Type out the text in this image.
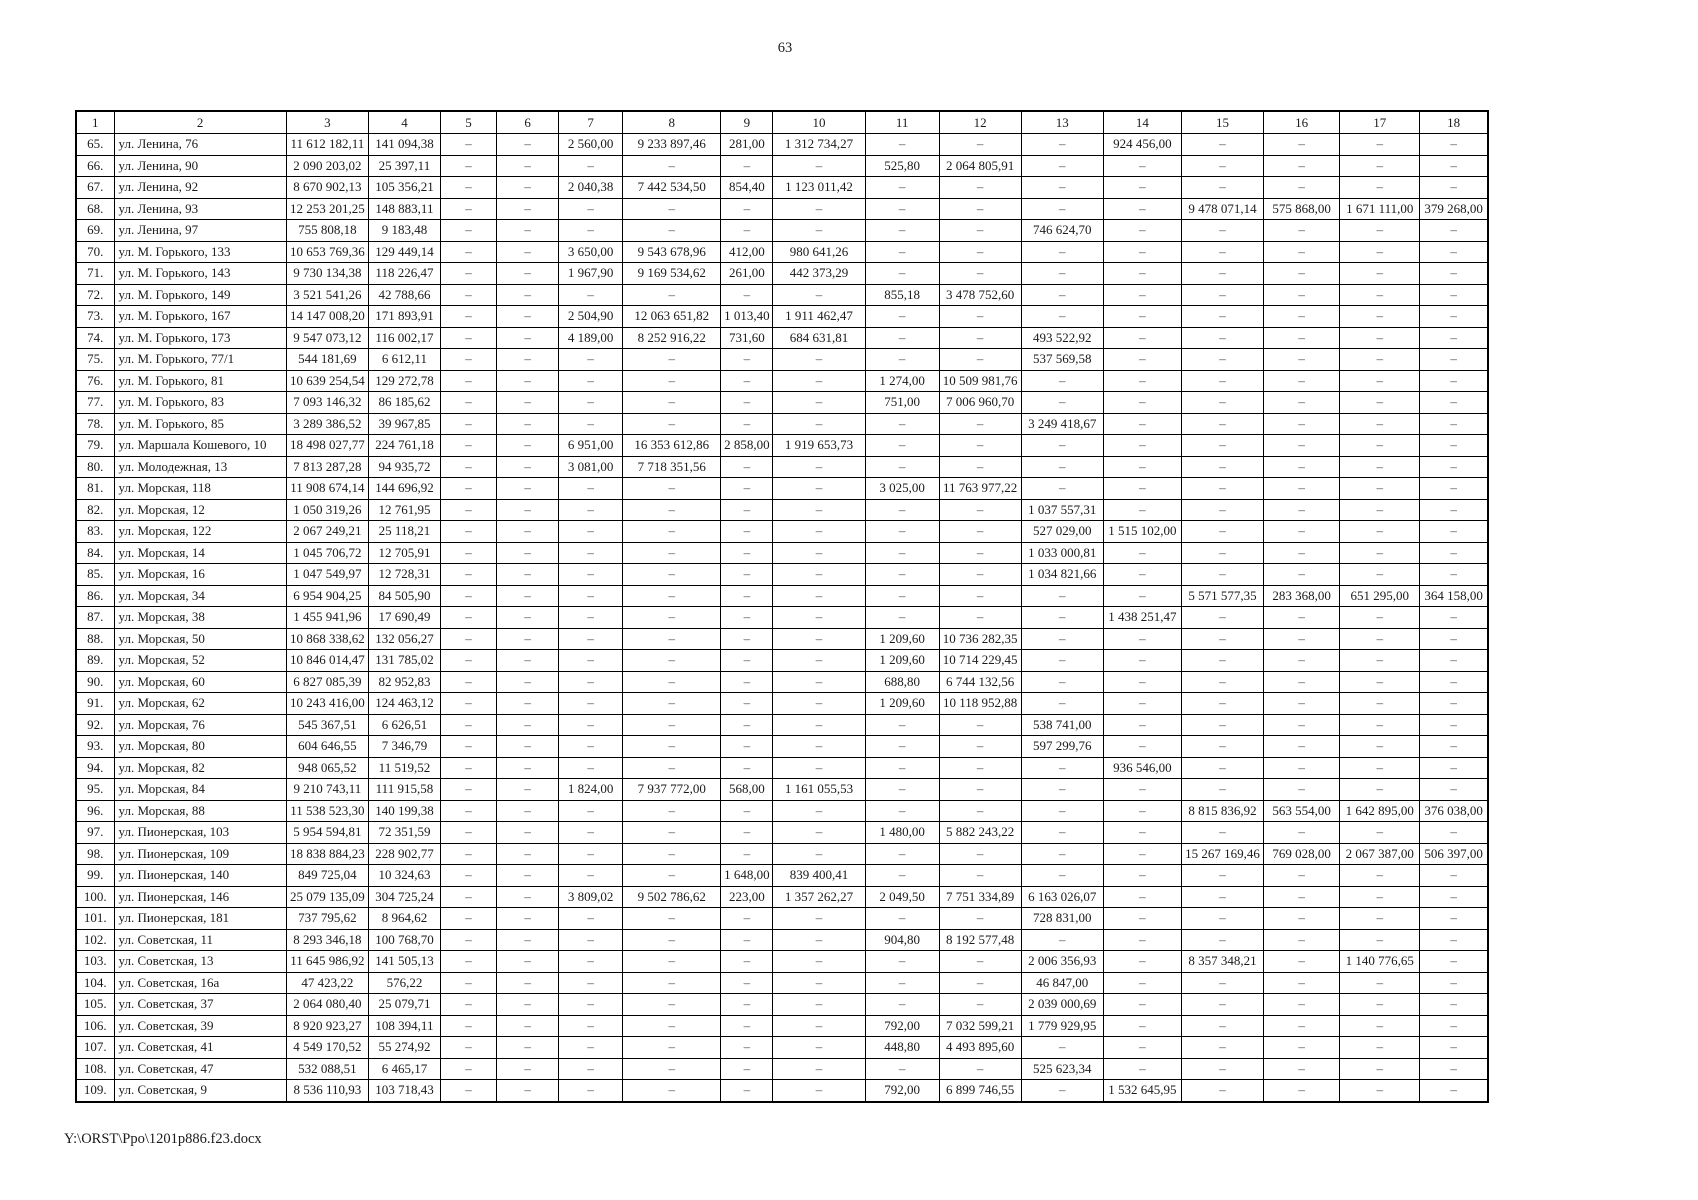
63
1	2	3	4	5	6	7	8	9	10	11	12	13	14	15	16	17	18
65.	ул. Ленина, 76	11 612 182,11	141 094,38	–	–	2 560,00	9 233 897,46	281,00	1 312 734,27	–	–	–	924 456,00	–	–	–	–
66.	ул. Ленина, 90	2 090 203,02	25 397,11	–	–	–	–	–	–	525,80	2 064 805,91	–	–	–	–	–	–
67.	ул. Ленина, 92	8 670 902,13	105 356,21	–	–	2 040,38	7 442 534,50	854,40	1 123 011,42	–	–	–	–	–	–	–	–
68.	ул. Ленина, 93	12 253 201,25	148 883,11	–	–	–	–	–	–	–	–	–	–	9 478 071,14	575 868,00	1 671 111,00	379 268,00
69.	ул. Ленина, 97	755 808,18	9 183,48	–	–	–	–	–	–	–	–	746 624,70	–	–	–	–	–
70.	ул. М. Горького, 133	10 653 769,36	129 449,14	–	–	3 650,00	9 543 678,96	412,00	980 641,26	–	–	–	–	–	–	–	–
71.	ул. М. Горького, 143	9 730 134,38	118 226,47	–	–	1 967,90	9 169 534,62	261,00	442 373,29	–	–	–	–	–	–	–	–
72.	ул. М. Горького, 149	3 521 541,26	42 788,66	–	–	–	–	–	–	855,18	3 478 752,60	–	–	–	–	–	–
73.	ул. М. Горького, 167	14 147 008,20	171 893,91	–	–	2 504,90	12 063 651,82	1 013,40	1 911 462,47	–	–	–	–	–	–	–	–
74.	ул. М. Горького, 173	9 547 073,12	116 002,17	–	–	4 189,00	8 252 916,22	731,60	684 631,81	–	–	493 522,92	–	–	–	–	–
75.	ул. М. Горького, 77/1	544 181,69	6 612,11	–	–	–	–	–	–	–	–	537 569,58	–	–	–	–	–
76.	ул. М. Горького, 81	10 639 254,54	129 272,78	–	–	–	–	–	–	1 274,00	10 509 981,76	–	–	–	–	–	–
77.	ул. М. Горького, 83	7 093 146,32	86 185,62	–	–	–	–	–	–	751,00	7 006 960,70	–	–	–	–	–	–
78.	ул. М. Горького, 85	3 289 386,52	39 967,85	–	–	–	–	–	–	–	–	3 249 418,67	–	–	–	–	–
79.	ул. Маршала Кошевого, 10	18 498 027,77	224 761,18	–	–	6 951,00	16 353 612,86	2 858,00	1 919 653,73	–	–	–	–	–	–	–	–
80.	ул. Молодежная, 13	7 813 287,28	94 935,72	–	–	3 081,00	7 718 351,56	–	–	–	–	–	–	–	–	–	–
81.	ул. Морская, 118	11 908 674,14	144 696,92	–	–	–	–	–	–	3 025,00	11 763 977,22	–	–	–	–	–	–
82.	ул. Морская, 12	1 050 319,26	12 761,95	–	–	–	–	–	–	–	–	1 037 557,31	–	–	–	–	–
83.	ул. Морская, 122	2 067 249,21	25 118,21	–	–	–	–	–	–	–	–	527 029,00	1 515 102,00	–	–	–	–
84.	ул. Морская, 14	1 045 706,72	12 705,91	–	–	–	–	–	–	–	–	1 033 000,81	–	–	–	–	–
85.	ул. Морская, 16	1 047 549,97	12 728,31	–	–	–	–	–	–	–	–	1 034 821,66	–	–	–	–	–
86.	ул. Морская, 34	6 954 904,25	84 505,90	–	–	–	–	–	–	–	–	–	–	5 571 577,35	283 368,00	651 295,00	364 158,00
87.	ул. Морская, 38	1 455 941,96	17 690,49	–	–	–	–	–	–	–	–	–	1 438 251,47	–	–	–	–
88.	ул. Морская, 50	10 868 338,62	132 056,27	–	–	–	–	–	–	1 209,60	10 736 282,35	–	–	–	–	–	–
89.	ул. Морская, 52	10 846 014,47	131 785,02	–	–	–	–	–	–	1 209,60	10 714 229,45	–	–	–	–	–	–
90.	ул. Морская, 60	6 827 085,39	82 952,83	–	–	–	–	–	–	688,80	6 744 132,56	–	–	–	–	–	–
91.	ул. Морская, 62	10 243 416,00	124 463,12	–	–	–	–	–	–	1 209,60	10 118 952,88	–	–	–	–	–	–
92.	ул. Морская, 76	545 367,51	6 626,51	–	–	–	–	–	–	–	–	538 741,00	–	–	–	–	–
93.	ул. Морская, 80	604 646,55	7 346,79	–	–	–	–	–	–	–	–	597 299,76	–	–	–	–	–
94.	ул. Морская, 82	948 065,52	11 519,52	–	–	–	–	–	–	–	–	–	936 546,00	–	–	–	–
95.	ул. Морская, 84	9 210 743,11	111 915,58	–	–	1 824,00	7 937 772,00	568,00	1 161 055,53	–	–	–	–	–	–	–	–
96.	ул. Морская, 88	11 538 523,30	140 199,38	–	–	–	–	–	–	–	–	–	–	8 815 836,92	563 554,00	1 642 895,00	376 038,00
97.	ул. Пионерская, 103	5 954 594,81	72 351,59	–	–	–	–	–	–	1 480,00	5 882 243,22	–	–	–	–	–	–
98.	ул. Пионерская, 109	18 838 884,23	228 902,77	–	–	–	–	–	–	–	–	–	–	15 267 169,46	769 028,00	2 067 387,00	506 397,00
99.	ул. Пионерская, 140	849 725,04	10 324,63	–	–	–	–	1 648,00	839 400,41	–	–	–	–	–	–	–	–
100.	ул. Пионерская, 146	25 079 135,09	304 725,24	–	–	3 809,02	9 502 786,62	223,00	1 357 262,27	2 049,50	7 751 334,89	6 163 026,07	–	–	–	–	–
101.	ул. Пионерская, 181	737 795,62	8 964,62	–	–	–	–	–	–	–	–	728 831,00	–	–	–	–	–
102.	ул. Советская, 11	8 293 346,18	100 768,70	–	–	–	–	–	–	904,80	8 192 577,48	–	–	–	–	–	–
103.	ул. Советская, 13	11 645 986,92	141 505,13	–	–	–	–	–	–	–	–	2 006 356,93	–	8 357 348,21	–	1 140 776,65	–
104.	ул. Советская, 16а	47 423,22	576,22	–	–	–	–	–	–	–	–	46 847,00	–	–	–	–	–
105.	ул. Советская, 37	2 064 080,40	25 079,71	–	–	–	–	–	–	–	–	2 039 000,69	–	–	–	–	–
106.	ул. Советская, 39	8 920 923,27	108 394,11	–	–	–	–	–	–	792,00	7 032 599,21	1 779 929,95	–	–	–	–	–
107.	ул. Советская, 41	4 549 170,52	55 274,92	–	–	–	–	–	–	448,80	4 493 895,60	–	–	–	–	–	–
108.	ул. Советская, 47	532 088,51	6 465,17	–	–	–	–	–	–	–	–	525 623,34	–	–	–	–	–
109.	ул. Советская, 9	8 536 110,93	103 718,43	–	–	–	–	–	–	792,00	6 899 746,55	–	1 532 645,95	–	–	–	–
Y:\ORST\Ppo\1201p886.f23.docx
